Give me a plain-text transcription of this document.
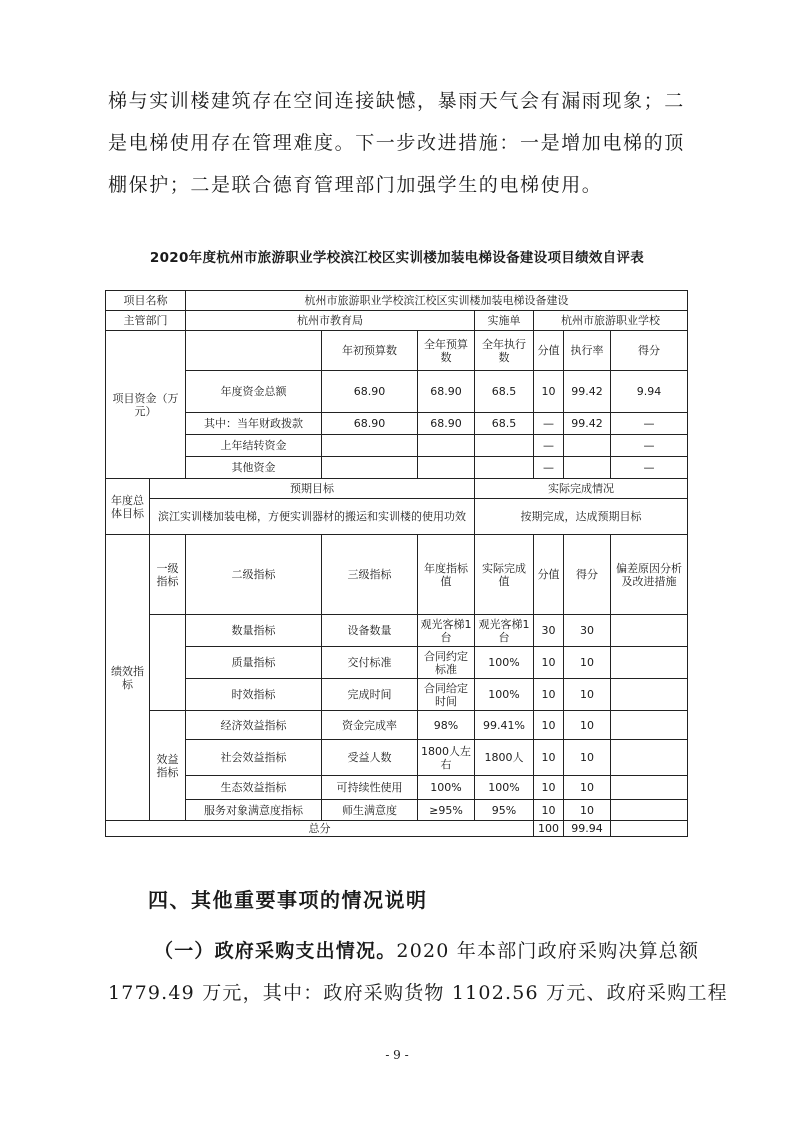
梯与实训楼建筑存在空间连接缺憾，暴雨天气会有漏雨现象；二
是电梯使用存在管理难度。下一步改进措施：一是增加电梯的顶
棚保护；二是联合德育管理部门加强学生的电梯使用。
2020年度杭州市旅游职业学校滨江校区实训楼加装电梯设备建设项目绩效自评表
项目名称		杭州市旅游职业学校滨江校区实训楼加装电梯设备建设						
主管部门		杭州市教育局			实施单	杭州市旅游职业学校		
项目资金（万元）			年初预算数	全年预算数	全年执行数	分值	执行率	得分
		年度资金总额	68.90	68.90	68.5	10	99.42	9.94
		其中：当年财政拨款	68.90	68.90	68.5	—	99.42	—
		上年结转资金				—		—
		其他资金				—		—
年度总体目标	预期目标				实际完成情况			
	滨江实训楼加装电梯，方便实训器材的搬运和实训楼的使用功效				按期完成，达成预期目标			
绩效指标	一级指标	二级指标	三级指标	年度指标值	实际完成值	分值	得分	偏差原因分析及改进措施
		数量指标	设备数量	观光客梯1台	观光客梯1台	30	30	
		质量指标	交付标准	合同约定标准	100%	10	10	
		时效指标	完成时间	合同给定时间	100%	10	10	
	效益指标	经济效益指标	资金完成率	98%	99.41%	10	10	
		社会效益指标	受益人数	1800人左右	1800人	10	10	
		生态效益指标	可持续性使用	100%	100%	10	10	
		服务对象满意度指标	师生满意度	≥95%	95%	10	10	
总分						100	99.94	
四、其他重要事项的情况说明
（一）政府采购支出情况。2020 年本部门政府采购决算总额
1779.49 万元，其中：政府采购货物 1102.56 万元、政府采购工程
- 9 -
